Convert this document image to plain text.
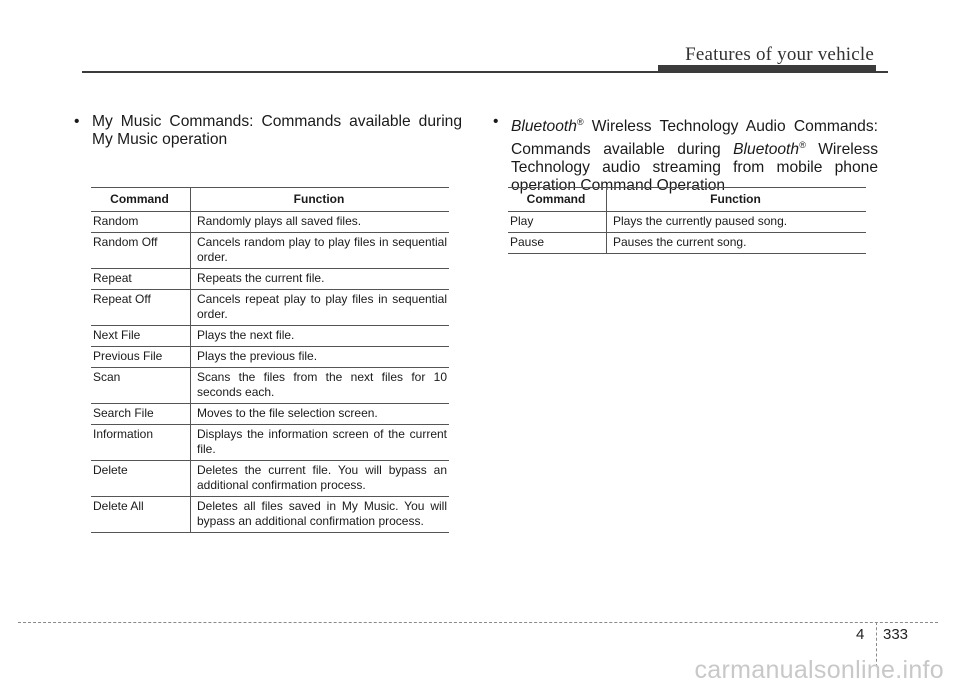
Features of your vehicle
• My Music Commands: Commands available during My Music operation
Command	Function
Random	Randomly plays all saved files.
Random Off	Cancels random play to play files in sequential order.
Repeat	Repeats the current file.
Repeat Off	Cancels repeat play to play files in sequential order.
Next File	Plays the next file.
Previous File	Plays the previous file.
Scan	Scans the files from the next files for 10 seconds each.
Search File	Moves to the file selection screen.
Information	Displays the information screen of the current file.
Delete	Deletes the current file. You will bypass an additional confirmation process.
Delete All	Deletes all files saved in My Music. You will bypass an additional confirmation process.
• Bluetooth® Wireless Technology Audio Commands: Commands available during Bluetooth® Wireless Technology audio streaming from mobile phone operation Command Operation
Command	Function
Play	Plays the currently paused song.
Pause	Pauses the current song.
4 333
carmanualsonline.info
